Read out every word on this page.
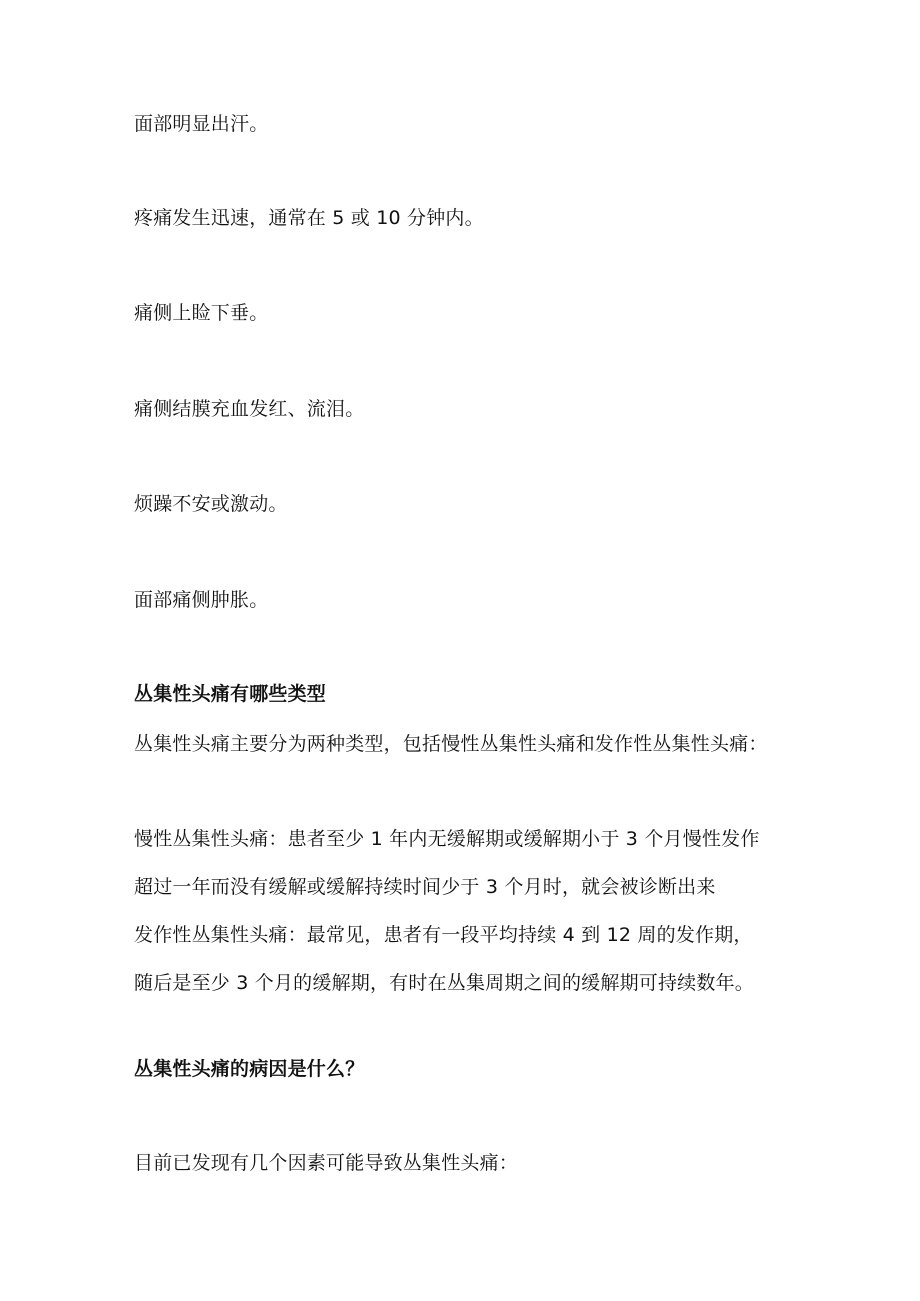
面部明显出汗。
疼痛发生迅速，通常在 5 或 10 分钟内。
痛侧上睑下垂。
痛侧结膜充血发红、流泪。
烦躁不安或激动。
面部痛侧肿胀。
丛集性头痛有哪些类型
丛集性头痛主要分为两种类型，包括慢性丛集性头痛和发作性丛集性头痛：
慢性丛集性头痛：患者至少 1 年内无缓解期或缓解期小于 3 个月慢性发作
超过一年而没有缓解或缓解持续时间少于 3 个月时，就会被诊断出来
发作性丛集性头痛：最常见，患者有一段平均持续 4 到 12 周的发作期，
随后是至少 3 个月的缓解期，有时在丛集周期之间的缓解期可持续数年。
丛集性头痛的病因是什么？
目前已发现有几个因素可能导致丛集性头痛：
